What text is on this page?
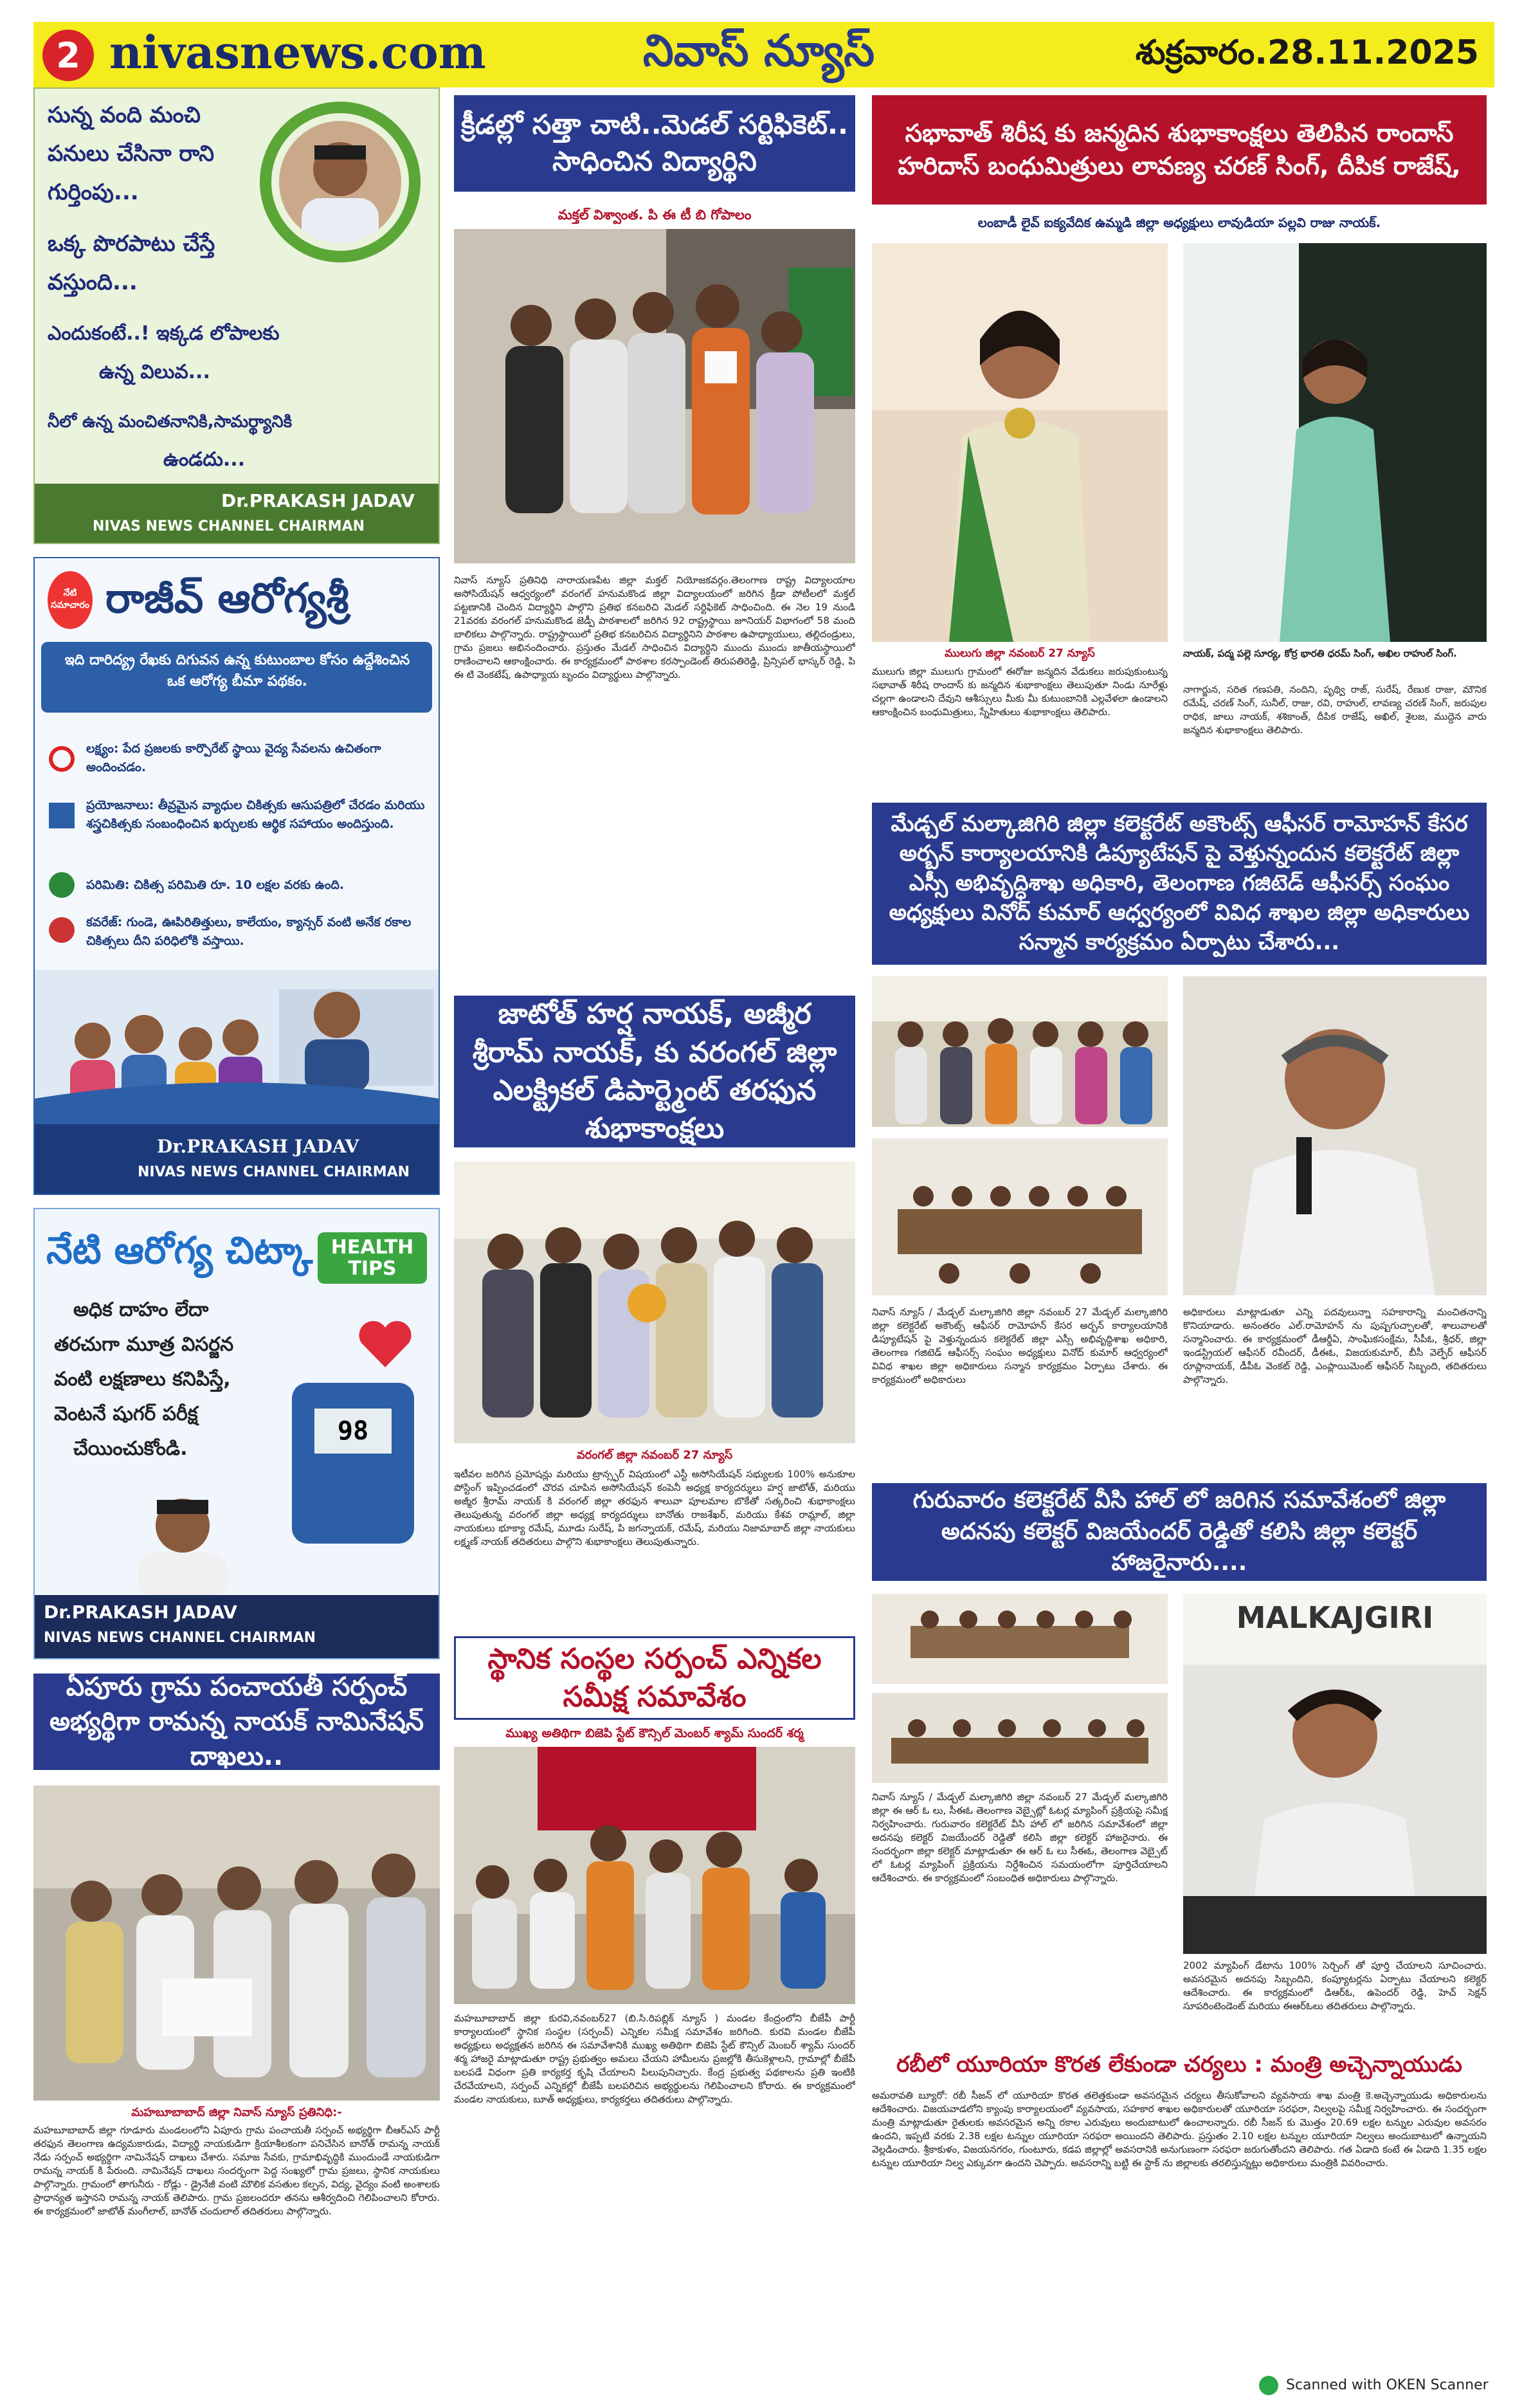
2 nivasnews.com	నివాస్ న్యూస్	శుక్రవారం.28.11.2025
సున్న వంది మంచి
పనులు చేసినా రాని
గుర్తింపు...
ఒక్క పొరపాటు చేస్తే
వస్తుంది...
ఎందుకంటే..! ఇక్కడ లోపాలకు
ఉన్న విలువ...
నీలో ఉన్న మంచితనానికి,సామర్థ్యానికి
ఉండదు...
Dr.PRAKASH JADAV
NIVAS NEWS CHANNEL CHAIRMAN
నేటి సమాచారం రాజీవ్ ఆరోగ్యశ్రీ
ఇది దారిద్య్ర రేఖకు దిగువన ఉన్న కుటుంబాల కోసం ఉద్దేశించిన ఒక ఆరోగ్య బీమా పథకం.
లక్ష్యం: పేద ప్రజలకు కార్పొరేట్ స్థాయి వైద్య సేవలను ఉచితంగా అందించడం.
ప్రయోజనాలు: తీవ్రమైన వ్యాధుల చికిత్సకు ఆసుపత్రిలో చేరడం మరియు శస్త్రచికిత్సకు సంబంధించిన ఖర్చులకు ఆర్థిక సహాయం అందిస్తుంది.
పరిమితి: చికిత్స పరిమితి రూ. 10 లక్షల వరకు ఉంది.
కవరేజ్: గుండె, ఊపిరితిత్తులు, కాలేయం, క్యాన్సర్ వంటి అనేక రకాల చికిత్సలు దీని పరిధిలోకి వస్తాయి.
Dr.PRAKASH JADAV
NIVAS NEWS CHANNEL CHAIRMAN
నేటి ఆరోగ్య చిట్కా HEALTH TIPS
అధిక దాహం లేదా
తరచుగా మూత్ర విసర్జన
వంటి లక్షణాలు కనిపిస్తే,
వెంటనే షుగర్ పరీక్ష
చేయించుకోండి.
98
Dr.PRAKASH JADAV
NIVAS NEWS CHANNEL CHAIRMAN
ఏపూరు గ్రామ పంచాయతీ సర్పంచ్ అభ్యర్థిగా రామన్న నాయక్ నామినేషన్ దాఖలు..
మహబూబాబాద్ జిల్లా నివాస్ న్యూస్ ప్రతినిధి:-
మహబూబాబాద్ జిల్లా గూడూరు మండలంలోని ఏపూరు గ్రామ పంచాయతీ సర్పంచ్ అభ్యర్థిగా బీఆర్ఎస్ పార్టీ తరఫున తెలంగాణ ఉద్యమకారుడు, విద్యార్థి నాయకుడిగా క్రియాశీలకంగా పనిచేసిన బానోత్ రామన్న నాయక్ నేడు సర్పంచ్ అభ్యర్థిగా నామినేషన్ దాఖలు చేశారు. సమాజ సేవకు, గ్రామాభివృద్ధికి ముందుండే నాయకుడిగా రామన్న నాయక్ కి పేరుంది. నామినేషన్ దాఖలు సందర్భంగా పెద్ద సంఖ్యలో గ్రామ ప్రజలు, స్థానిక నాయకులు పాల్గొన్నారు. గ్రామంలో తాగునీరు - రోడ్లు - డ్రైనేజీ వంటి మౌలిక వసతుల కల్పన, విద్య, వైద్యం వంటి అంశాలకు ప్రాధాన్యత ఇస్తానని రామన్న నాయక్ తెలిపారు. గ్రామ ప్రజలందరూ తనను ఆశీర్వదించి గెలిపించాలని కోరారు. ఈ కార్యక్రమంలో జాటోత్ మంగీలాల్, బానోత్ చందులాల్ తదితరులు పాల్గొన్నారు.
క్రీడల్లో సత్తా చాటి..మెడల్ సర్టిఫికెట్.. సాధించిన విద్యార్థిని
మక్తల్ విశ్వాంత. పి ఈ టీ బి గోపాలం
నివాస్ న్యూస్ ప్రతినిధి నారాయణపేట జిల్లా మక్తల్ నియోజకవర్గం.తెలంగాణ రాష్ట్ర విద్యాలయాల అసోసియేషన్ ఆధ్వర్యంలో వరంగల్ హనుమకొండ జిల్లా విద్యాలయంలో జరిగిన క్రీడా పోటీలలో మక్తల్ పట్టణానికి చెందిన విద్యార్థిని పాల్గొని ప్రతిభ కనబరిచి మెడల్ సర్టిఫికెట్ సాధించింది. ఈ నెల 19 నుండి 21వరకు వరంగల్ హనుమకొండ జెడ్పీ పాఠశాలలో జరిగిన 92 రాష్ట్రస్థాయి జూనియర్ విభాగంలో 58 మంది బాలికలు పాల్గొన్నారు. రాష్ట్రస్థాయిలో ప్రతిభ కనబరిచిన విద్యార్థినిని పాఠశాల ఉపాధ్యాయులు, తల్లిదండ్రులు, గ్రామ ప్రజలు అభినందించారు. ప్రస్తుతం మేడల్ సాధించిన విద్యార్థిని ముందు ముందు జాతీయస్థాయిలో రాణించాలని ఆకాంక్షించారు. ఈ కార్యక్రమంలో పాఠశాల కరస్పాండెంట్ తిరుపతిరెడ్డి, ప్రిన్సిపల్ భాస్కర్ రెడ్డి, పి ఈ టి వెంకటేష్, ఉపాధ్యాయ బృందం విద్యార్థులు పాల్గొన్నారు.
జాటోత్ హర్ష నాయక్, అజ్మీర శ్రీరామ్ నాయక్, కు వరంగల్ జిల్లా ఎలక్ట్రికల్ డిపార్ట్మెంట్ తరఫున శుభాకాంక్షలు
వరంగల్ జిల్లా నవంబర్ 27 న్యూస్
ఇటీవల జరిగిన ప్రమోషన్లు మరియు ట్రాన్స్ఫర్ విషయంలో ఎస్టీ అసోసియేషన్ సభ్యులకు 100% అనుకూల పోస్టింగ్ ఇప్పించడంలో చొరవ చూపిన అసోసియేషన్ కంపెనీ అధ్యక్ష కార్యదర్శులు హర్ష జాటోత్, మరియు అజ్మీర శ్రీరామ్ నాయక్ కి వరంగల్ జిల్లా తరఫున శాలువా పూలమాల బొకేతో సత్కరించి శుభాకాంక్షలు తెలుపుతున్న వరంగల్ జిల్లా అధ్యక్ష కార్యదర్శులు బానోతు రాజశేఖర్, మరియు కేశవ రామ్లాల్, జిల్లా నాయకులు భూక్యా రమేష్, మూడు సురేష్, పి జగన్నాయక్, రమేష్, మరియు నిజామాబాద్ జిల్లా నాయకులు లక్ష్మణ్ నాయక్ తదితరులు పాల్గొని శుభాకాంక్షలు తెలుపుతున్నారు.
స్థానిక సంస్థల సర్పంచ్ ఎన్నికల సమీక్ష సమావేశం
ముఖ్య అతిథిగా బిజెపి స్టేట్ కౌన్సిల్ మెంబర్ శ్యామ్ సుందర్ శర్మ
మహబూబాబాద్ జిల్లా కురవి,నవంబర్27 (బి.సి.రిపబ్లిక్ న్యూస్ ) మండల కేంద్రంలోని బీజేపీ పార్టీ కార్యాలయంలో స్థానిక సంస్థల (సర్పంచ్) ఎన్నికల సమీక్ష సమావేశం జరిగింది. కురవి మండల బీజేపీ అధ్యక్షులు అధ్యక్షతన జరిగిన ఈ సమావేశానికి ముఖ్య అతిథిగా బిజెపి స్టేట్ కౌన్సిల్ మెంబర్ శ్యామ్ సుందర్ శర్మ హాజరై మాట్లాడుతూ రాష్ట్ర ప్రభుత్వం అమలు చేయని హామీలను ప్రజల్లోకి తీసుకెళ్లాలని, గ్రామాల్లో బీజేపీ బలపడే విధంగా ప్రతి కార్యకర్త కృషి చేయాలని పిలుపునిచ్చారు. కేంద్ర ప్రభుత్వ పథకాలను ప్రతి ఇంటికి చేరవేయాలని, సర్పంచ్ ఎన్నికల్లో బీజేపీ బలపరిచిన అభ్యర్థులను గెలిపించాలని కోరారు. ఈ కార్యక్రమంలో మండల నాయకులు, బూత్ అధ్యక్షులు, కార్యకర్తలు తదితరులు పాల్గొన్నారు.
సభావాత్ శిరీష కు జన్మదిన శుభాకాంక్షలు తెలిపిన రాందాస్ హరిదాస్ బంధుమిత్రులు లావణ్య చరణ్ సింగ్, దీపిక రాజేష్,
లంబాడీ లైవ్ ఐక్యవేదిక ఉమ్మడి జిల్లా అధ్యక్షులు లావుడియా పల్లవి రాజు నాయక్.
ములుగు జిల్లా నవంబర్ 27 న్యూస్
ములుగు జిల్లా ములుగు గ్రామంలో ఈరోజు జన్మదిన వేడుకలు జరుపుకుంటున్న సభావాత్ శిరీష రాందాస్ కు జన్మదిన శుభాకాంక్షలు తెలుపుతూ నిండు నూరేళ్లు చల్లగా ఉండాలని దేవుని ఆశీస్సులు మీకు మీ కుటుంబానికి ఎల్లవేళలా ఉండాలని ఆకాంక్షించిన బంధుమిత్రులు, స్నేహితులు శుభాకాంక్షలు తెలిపారు.
నాయక్, పద్మ పల్లె సూర్య, కోర్ర భారతి ధరమ్ సింగ్, అఖిల రాహుల్ సింగ్.
నాగార్జున, సరిత గణపతి, నందిని, పృథ్వి రాజ్, సురేష్, రేణుక రాజు, మౌనిక రమేష్, చరణ్ సింగ్, సునీల్, రాజు, రవి, రాహుల్, లావణ్య చరణ్ సింగ్, జరుపుల రాధిక, జాలు నాయక్, శశికాంత్, దీపిక రాజేష్, అఖిల్, శైలజ, ముద్దెన వారు జన్మదిన శుభాకాంక్షలు తెలిపారు.
మేడ్చల్ మల్కాజిగిరి జిల్లా కలెక్టరేట్ అకౌంట్స్ ఆఫీసర్ రామోహన్ కేసర అర్బన్ కార్యాలయానికి డిప్యూటేషన్ పై వెళ్తున్నందున కలెక్టరేట్ జిల్లా ఎస్సీ అభివృద్ధిశాఖ అధికారి, తెలంగాణ గజిటెడ్ ఆఫీసర్స్ సంఘం అధ్యక్షులు వినోద్ కుమార్ ఆధ్వర్యంలో వివిధ శాఖల జిల్లా అధికారులు సన్మాన కార్యక్రమం ఏర్పాటు చేశారు...
నివాస్ న్యూస్ / మేడ్చల్ మల్కాజిగిరి జిల్లా నవంబర్ 27 మేడ్చల్ మల్కాజిగిరి జిల్లా కలెక్టరేట్ అకౌంట్స్ ఆఫీసర్ రామోహన్ కేసర అర్బన్ కార్యాలయానికి డిప్యూటేషన్ పై వెళ్తున్నందున కలెక్టరేట్ జిల్లా ఎస్సీ అభివృద్ధిశాఖ అధికారి, తెలంగాణ గజిటెడ్ ఆఫీసర్స్ సంఘం అధ్యక్షులు వినోద్ కుమార్ ఆధ్వర్యంలో వివిధ శాఖల జిల్లా అధికారులు సన్మాన కార్యక్రమం ఏర్పాటు చేశారు. ఈ కార్యక్రమంలో అధికారులు
అధికారులు మాట్లాడుతూ ఎన్ని పదవులున్నా సహకారాన్ని మంచితనాన్ని కొనియాడారు. అనంతరం ఎల్.రామోహన్ ను పుష్పగుచ్ఛాలతో, శాలువాలతో సన్మానించారు. ఈ కార్యక్రమంలో డీఆర్డీఏ, సాంఘికసంక్షేమ, సీపీఓ, శ్రీధర్, జిల్లా ఇండస్ట్రియల్ ఆఫీసర్ రవీందర్, డీఈఓ, విజయకుమార్, బీసీ వెల్ఫేర్ ఆఫీసర్ రూప్లానాయక్, డీపీఓ వెంకట్ రెడ్డి, ఎంప్లాయిమెంట్ ఆఫీసర్ సిబ్బంది, తదితరులు పాల్గొన్నారు.
గురువారం కలెక్టరేట్ వీసి హాల్ లో జరిగిన సమావేశంలో జిల్లా అదనపు కలెక్టర్ విజయేందర్ రెడ్డితో కలిసి జిల్లా కలెక్టర్ హాజరైనారు....
MALKAJGIRI
నివాస్ న్యూస్ / మేడ్చల్ మల్కాజిగిరి జిల్లా నవంబర్ 27 మేడ్చల్ మల్కాజిగిరి జిల్లా ఈ ఆర్ ఓ లు, సీఈఓ తెలంగాణ వెబ్సైట్లో ఓటర్ల మ్యాపింగ్ ప్రక్రియపై సమీక్ష నిర్వహించారు. గురువారం కలెక్టరేట్ వీసి హాల్ లో జరిగిన సమావేశంలో జిల్లా అదనపు కలెక్టర్ విజయేందర్ రెడ్డితో కలిసి జిల్లా కలెక్టర్ హాజరైనారు. ఈ సందర్భంగా జిల్లా కలెక్టర్ మాట్లాడుతూ ఈ ఆర్ ఓ లు సీఈఓ, తెలంగాణ వెబ్సైట్ లో ఓటర్ల మ్యాపింగ్ ప్రక్రియను నిర్దేశించిన సమయంలోగా పూర్తిచేయాలని ఆదేశించారు. ఈ కార్యక్రమంలో సంబంధిత అధికారులు పాల్గొన్నారు.
2002 మ్యాపింగ్ డేటాను 100% సెర్చింగ్ తో పూర్తి చేయాలని సూచించారు. అవసరమైన అదనపు సిబ్బందిని, కంప్యూటర్లను ఏర్పాటు చేయాలని కలెక్టర్ ఆదేశించారు. ఈ కార్యక్రమంలో డిఆర్ఓ, ఉపెందర్ రెడ్డి, హెచ్ సెక్షన్ సూపరింటెండెంట్ మరియు ఈఆర్ఓలు తదితరులు పాల్గొన్నారు.
రబీలో యూరియా కొరత లేకుండా చర్యలు : మంత్రి అచ్చెన్నాయుడు
అమరావతి బ్యూరో: రబీ సీజన్ లో యూరియా కొరత తలెత్తకుండా అవసరమైన చర్యలు తీసుకోవాలని వ్యవసాయ శాఖ మంత్రి కె.అచ్చెన్నాయుడు అధికారులను ఆదేశించారు. విజయవాడలోని క్యాంపు కార్యాలయంలో వ్యవసాయ, సహకార శాఖల అధికారులతో యూరియా సరఫరా, నిల్వలపై సమీక్ష నిర్వహించారు. ఈ సందర్భంగా మంత్రి మాట్లాడుతూ రైతులకు అవసరమైన అన్ని రకాల ఎరువులు అందుబాటులో ఉంచాలన్నారు. రబీ సీజన్ కు మొత్తం 20.69 లక్షల టన్నుల ఎరువుల అవసరం ఉందని, ఇప్పటి వరకు 2.38 లక్షల టన్నుల యూరియా సరఫరా అయిందని తెలిపారు. ప్రస్తుతం 2.10 లక్షల టన్నుల యూరియా నిల్వలు అందుబాటులో ఉన్నాయని వెల్లడించారు. శ్రీకాకుళం, విజయనగరం, గుంటూరు, కడప జిల్లాల్లో అవసరానికి అనుగుణంగా సరఫరా జరుగుతోందని తెలిపారు. గత ఏడాది కంటే ఈ ఏడాది 1.35 లక్షల టన్నుల యూరియా నిల్వ ఎక్కువగా ఉందని చెప్పారు. అవసరాన్ని బట్టి ఈ స్టాక్ ను జిల్లాలకు తరలిస్తున్నట్లు అధికారులు మంత్రికి వివరించారు.
Scanned with OKEN Scanner
